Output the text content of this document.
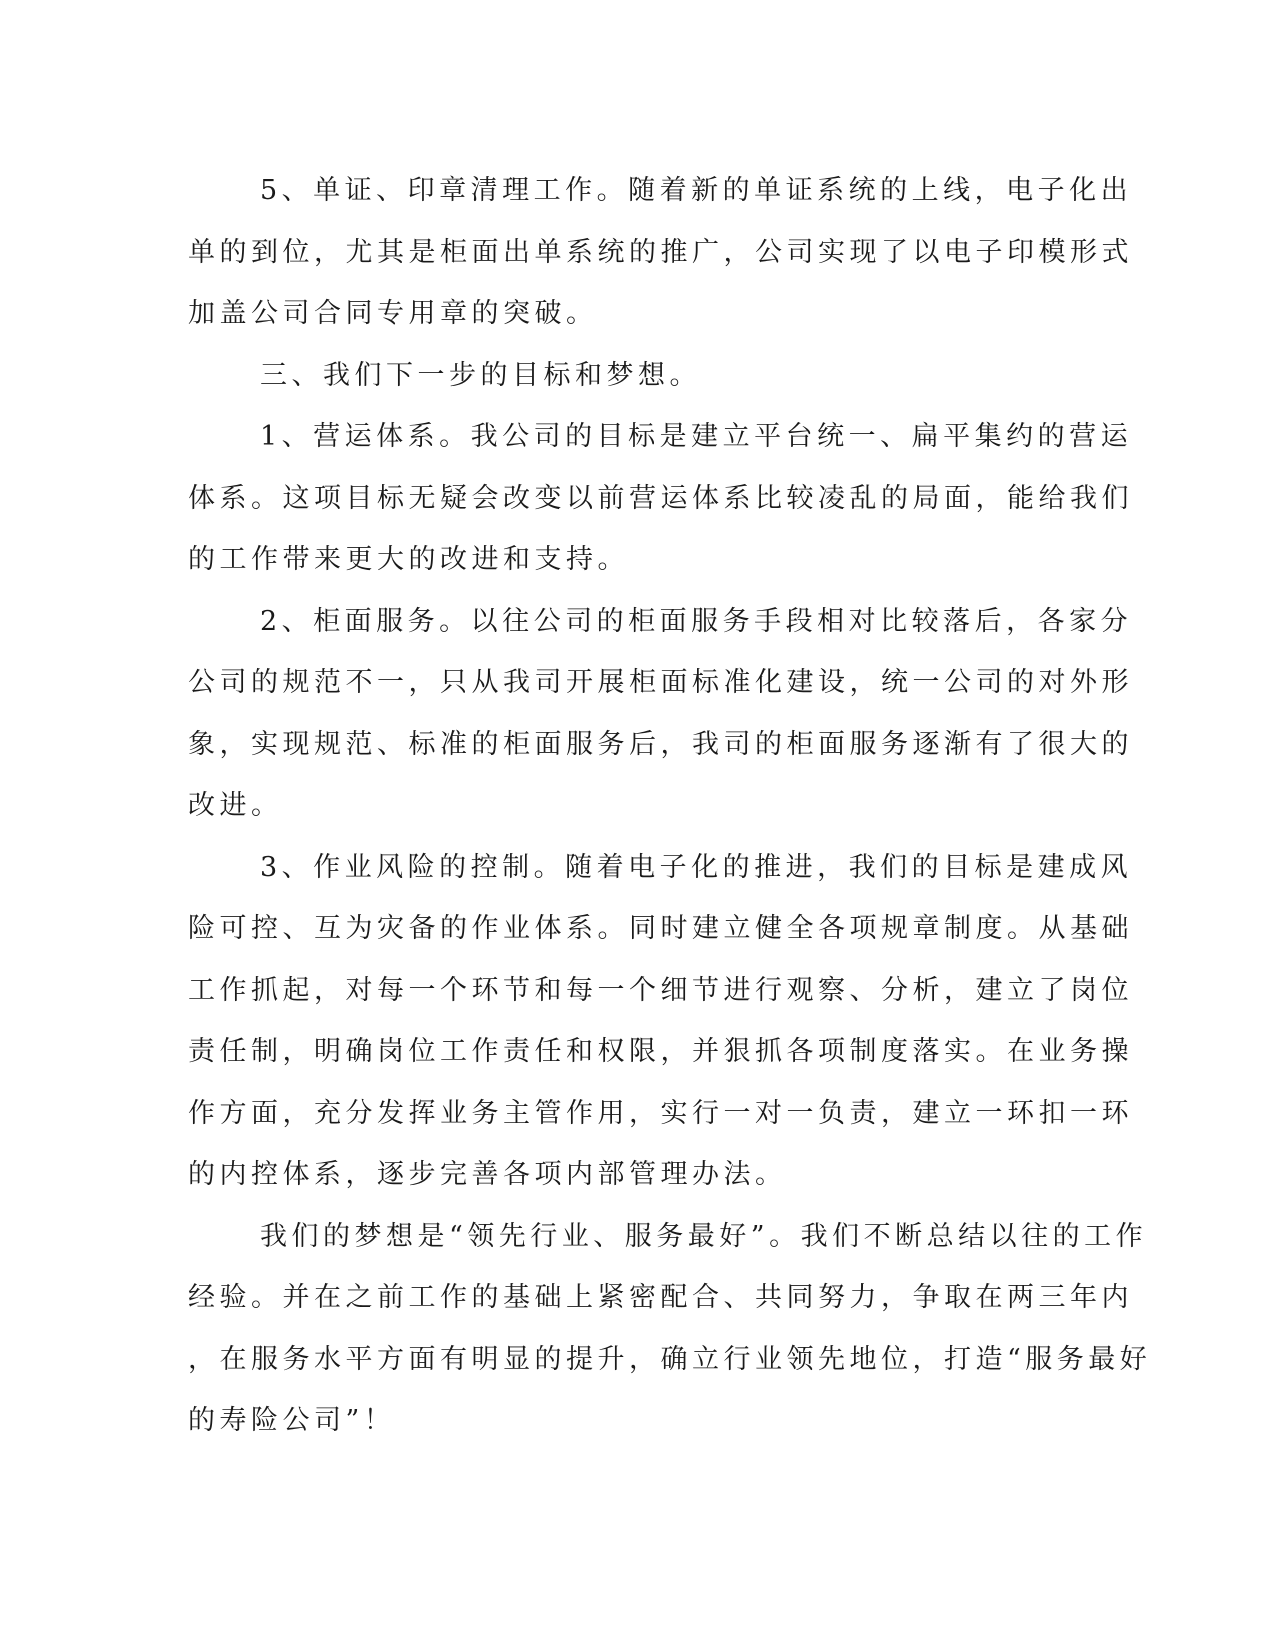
5、单证、印章清理工作。随着新的单证系统的上线，电子化出
单的到位，尤其是柜面出单系统的推广，公司实现了以电子印模形式
加盖公司合同专用章的突破。

三、我们下一步的目标和梦想。

1、营运体系。我公司的目标是建立平台统一、扁平集约的营运
体系。这项目标无疑会改变以前营运体系比较凌乱的局面，能给我们
的工作带来更大的改进和支持。

2、柜面服务。以往公司的柜面服务手段相对比较落后，各家分
公司的规范不一，只从我司开展柜面标准化建设，统一公司的对外形
象，实现规范、标准的柜面服务后，我司的柜面服务逐渐有了很大的
改进。

3、作业风险的控制。随着电子化的推进，我们的目标是建成风
险可控、互为灾备的作业体系。同时建立健全各项规章制度。从基础
工作抓起，对每一个环节和每一个细节进行观察、分析，建立了岗位
责任制，明确岗位工作责任和权限，并狠抓各项制度落实。在业务操
作方面，充分发挥业务主管作用，实行一对一负责，建立一环扣一环
的内控体系，逐步完善各项内部管理办法。

我们的梦想是“领先行业、服务最好”。我们不断总结以往的工作
经验。并在之前工作的基础上紧密配合、共同努力，争取在两三年内
，在服务水平方面有明显的提升，确立行业领先地位，打造“服务最好
的寿险公司”！
